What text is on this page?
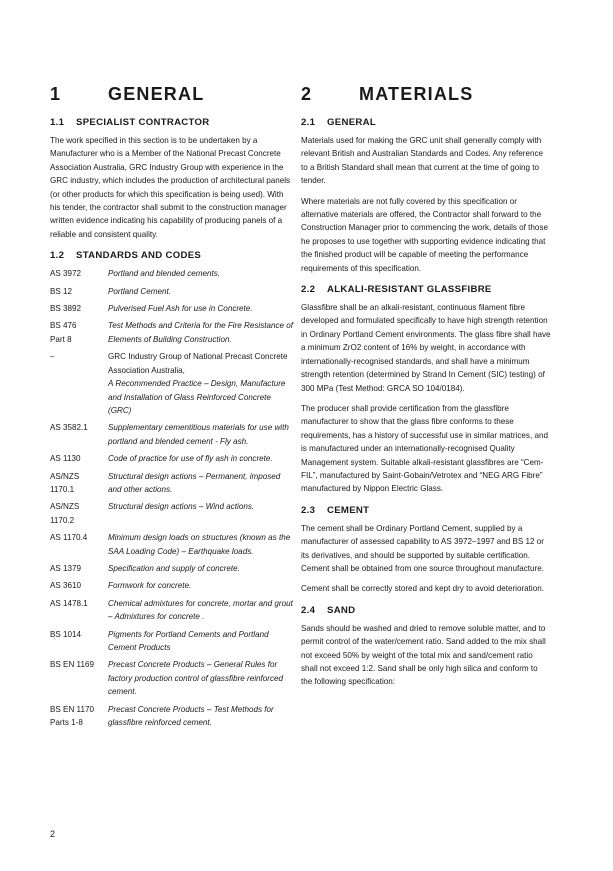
1	GENERAL
1.1	SPECIALIST CONTRACTOR

The work specified in this section is to be undertaken by a Manufacturer who is a Member of the National Precast Concrete Association Australia, GRC Industry Group with experience in the GRC industry, which includes the production of architectural panels (or other products for which this specification is being used). With his tender, the contractor shall submit to the construction manager written evidence indicating his capability of producing panels of a reliable and consistent quality.

1.2	STANDARDS AND CODES
AS 3972	Portland and blended cements.
BS 12	Portland Cement.
BS 3892	Pulverised Fuel Ash for use in Concrete.
BS 476
Part 8	Test Methods and Criteria for the Fire Resistance of Elements of Building Construction.
–	GRC Industry Group of National Precast Concrete Association Australia,
A Recommended Practice – Design, Manufacture and Installation of Glass Reinforced Concrete (GRC)
AS 3582.1	Supplementary cementitious materials for use with portland and blended cement - Fly ash.
AS 1130	Code of practice for use of fly ash in concrete.
AS/NZS
1170.1	Structural design actions – Permanent, imposed and other actions.
AS/NZS
1170.2	Structural design actions – Wind actions.
AS 1170.4	Minimum design loads on structures (known as the SAA Loading Code) – Earthquake loads.
AS 1379	Specification and supply of concrete.
AS 3610	Formwork for concrete.
AS 1478.1	Chemical admixtures for concrete, mortar and grout – Admixtures for concrete .
BS 1014	Pigments for Portland Cements and Portland Cement Products
BS EN 1169	Precast Concrete Products – General Rules for factory production control of glassfibre reinforced cement.
BS EN 1170
Parts 1-8	Precast Concrete Products – Test Methods for glassfibre reinforced cement.
2	MATERIALS
2.1	GENERAL

Materials used for making the GRC unit shall generally comply with relevant British and Australian Standards and Codes. Any reference to a British Standard shall mean that current at the time of going to tender.

Where materials are not fully covered by this specification or alternative materials are offered, the Contractor shall forward to the Construction Manager prior to commencing the work, details of those he proposes to use together with supporting evidence indicating that the finished product will be capable of meeting the performance requirements of this specification.

2.2	ALKALI-RESISTANT GLASSFIBRE

Glassfibre shall be an alkali-resistant, continuous filament fibre developed and formulated specifically to have high strength retention in Ordinary Portland Cement environments. The glass fibre shall have a minimum ZrO2 content of 16% by weight, in accordance with internationally-recognised standards, and shall have a minimum strength retention (determined by Strand In Cement (SIC) testing) of 300 MPa (Test Method: GRCA SO 104/0184).

The producer shall provide certification from the glassfibre manufacturer to show that the glass fibre conforms to these requirements, has a history of successful use in similar matrices, and is manufactured under an internationally-recognised Quality Management system. Suitable alkali-resistant glassfibres are “Cem-FIL”, manufactured by Saint-Gobain/Vetrotex and “NEG ARG Fibre” manufactured by Nippon Electric Glass.

2.3	CEMENT

The cement shall be Ordinary Portland Cement, supplied by a manufacturer of assessed capability to AS 3972–1997 and BS 12 or its derivatives, and should be supported by suitable certification. Cement shall be obtained from one source throughout manufacture.

Cement shall be correctly stored and kept dry to avoid deterioration.

2.4	SAND

Sands should be washed and dried to remove soluble matter, and to permit control of the water/cement ratio. Sand added to the mix shall not exceed 50% by weight of the total mix and sand/cement ratio shall not exceed 1:2. Sand shall be only high silica and conform to the following specification:

2
